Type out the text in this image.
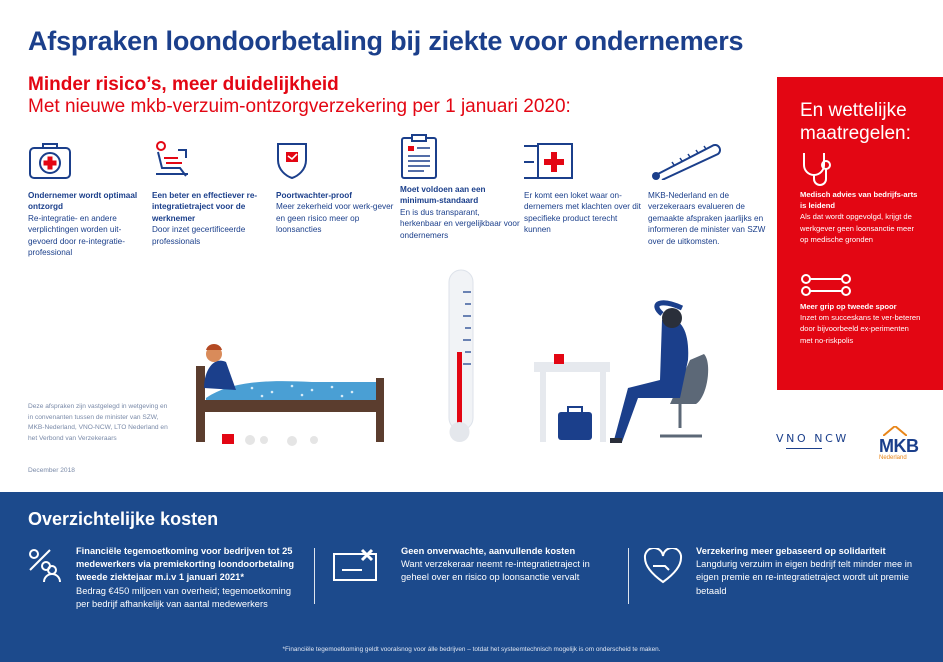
Afspraken loondoorbetaling bij ziekte voor ondernemers
Minder risico’s, meer duidelijkheid
Met nieuwe mkb-verzuim-ontzorgverzekering per 1 januari 2020:
Ondernemer wordt optimaal ontzorgd
Re-integratie- en andere verplichtingen worden uit-gevoerd door re-integratie-professional
Een beter en effectiever re-integratietraject voor de werknemer
Door inzet gecertificeerde professionals
Poortwachter-proof
Meer zekerheid voor werk-gever en geen risico meer op loonsancties
Moet voldoen aan een minimum-standaard
En is dus transparant, herkenbaar en vergelijkbaar voor ondernemers
Er komt een loket waar on-dernemers met klachten over dit specifieke product terecht kunnen
MKB-Nederland en de verzekeraars evalueren de gemaakte afspraken jaarlijks en informeren de minister van SZW over de uitkomsten.
En wettelijke maatregelen:
Medisch advies van bedrijfs-arts is leidend
Als dat wordt opgevolgd, krijgt de werkgever geen loonsanctie meer op medische gronden
Meer grip op tweede spoor
Inzet om succeskans te ver-beteren door bijvoorbeeld ex-perimenten met no-riskpolis
Deze afspraken zijn vastgelegd in wetgeving en in convenanten tussen de minister van SZW, MKB-Nederland, VNO-NCW, LTO Nederland en het Verbond van Verzekeraars
December 2018
VNO NCW MKB
Nederland
Overzichtelijke kosten
Financiële tegemoetkoming voor bedrijven tot 25 medewerkers via premiekorting loondoorbetaling tweede ziektejaar m.i.v 1 januari 2021*
Bedrag €450 miljoen van overheid; tegemoetkoming per bedrijf afhankelijk van aantal medewerkers
Geen onverwachte, aanvullende kosten
Want verzekeraar neemt re-integratietraject in geheel over en risico op loonsanctie vervalt
Verzekering meer gebaseerd op solidariteit
Langdurig verzuim in eigen bedrijf telt minder mee in eigen premie en re-integratietraject wordt uit premie betaald
*Financiële tegemoetkoming geldt vooralsnog voor álle bedrijven – totdat het systeemtechnisch mogelijk is om onderscheid te maken.
